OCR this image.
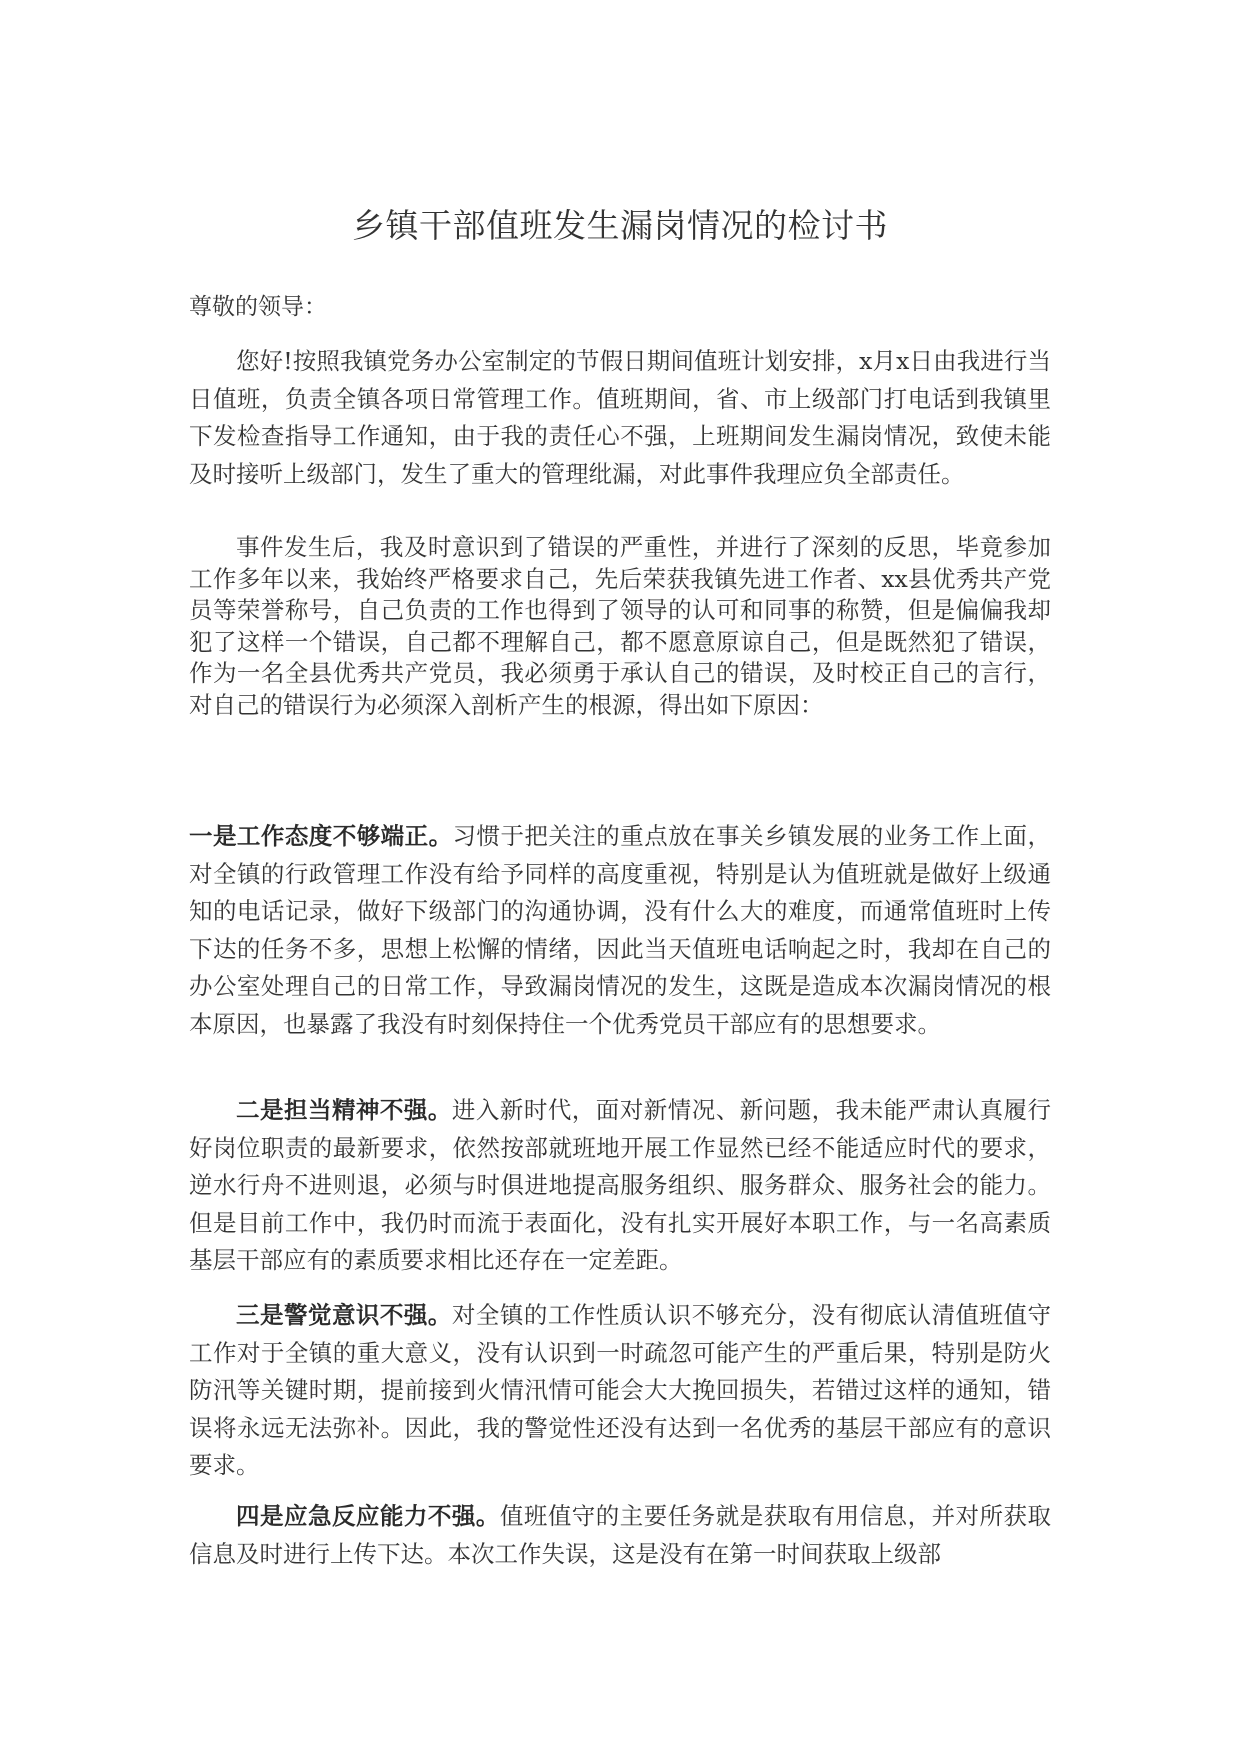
乡镇干部值班发生漏岗情况的检讨书

尊敬的领导：

您好!按照我镇党务办公室制定的节假日期间值班计划安排，x月x日由我进行当日值班，负责全镇各项日常管理工作。值班期间，省、市上级部门打电话到我镇里下发检查指导工作通知，由于我的责任心不强，上班期间发生漏岗情况，致使未能及时接听上级部门，发生了重大的管理纰漏，对此事件我理应负全部责任。

事件发生后，我及时意识到了错误的严重性，并进行了深刻的反思，毕竟参加工作多年以来，我始终严格要求自己，先后荣获我镇先进工作者、xx县优秀共产党员等荣誉称号，自己负责的工作也得到了领导的认可和同事的称赞，但是偏偏我却犯了这样一个错误，自己都不理解自己，都不愿意原谅自己，但是既然犯了错误，作为一名全县优秀共产党员，我必须勇于承认自己的错误，及时校正自己的言行，对自己的错误行为必须深入剖析产生的根源，得出如下原因：

一是工作态度不够端正。习惯于把关注的重点放在事关乡镇发展的业务工作上面，对全镇的行政管理工作没有给予同样的高度重视，特别是认为值班就是做好上级通知的电话记录，做好下级部门的沟通协调，没有什么大的难度，而通常值班时上传下达的任务不多，思想上松懈的情绪，因此当天值班电话响起之时，我却在自己的办公室处理自己的日常工作，导致漏岗情况的发生，这既是造成本次漏岗情况的根本原因，也暴露了我没有时刻保持住一个优秀党员干部应有的思想要求。

二是担当精神不强。进入新时代，面对新情况、新问题，我未能严肃认真履行好岗位职责的最新要求，依然按部就班地开展工作显然已经不能适应时代的要求，逆水行舟不进则退，必须与时俱进地提高服务组织、服务群众、服务社会的能力。但是目前工作中，我仍时而流于表面化，没有扎实开展好本职工作，与一名高素质基层干部应有的素质要求相比还存在一定差距。

三是警觉意识不强。对全镇的工作性质认识不够充分，没有彻底认清值班值守工作对于全镇的重大意义，没有认识到一时疏忽可能产生的严重后果，特别是防火防汛等关键时期，提前接到火情汛情可能会大大挽回损失，若错过这样的通知，错误将永远无法弥补。因此，我的警觉性还没有达到一名优秀的基层干部应有的意识要求。

四是应急反应能力不强。值班值守的主要任务就是获取有用信息，并对所获取信息及时进行上传下达。本次工作失误，这是没有在第一时间获取上级部
